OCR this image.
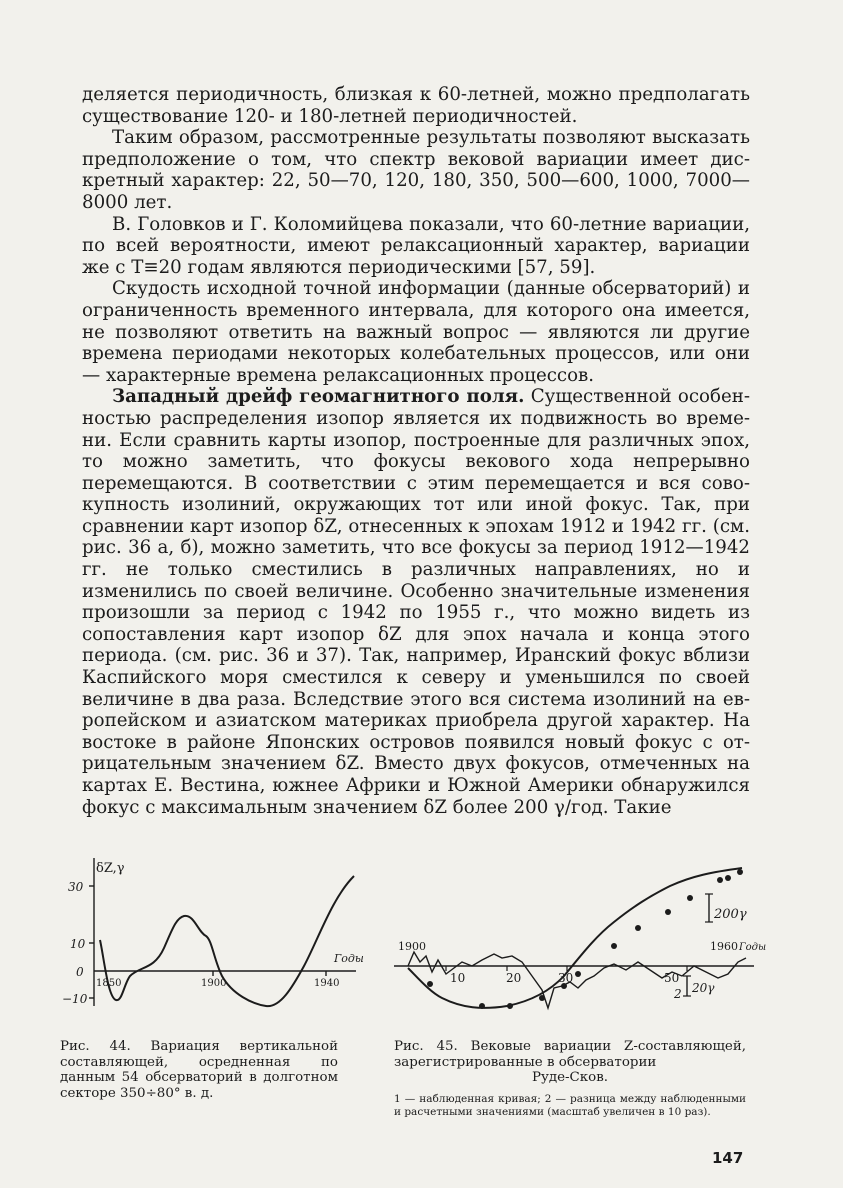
деляется периодичность, близкая к 60-летней, можно предполагать существование 120- и 180-летней периодичностей.

Таким образом, рассмотренные результаты позволяют высказать предположение о том, что спектр вековой вариации имеет дискретный характер: 22, 50—70, 120, 180, 350, 500—600, 1000, 7000—8000 лет.

В. Головков и Г. Коломийцева показали, что 60-летние вариации, по всей вероятности, имеют релаксационный характер, вариации же с T≡20 годам являются периодическими [57, 59].

Скудость исходной точной информации (данные обсерваторий) и ограниченность временного интервала, для которого она имеется, не позволяют ответить на важный вопрос — являются ли другие времена периодами некоторых колебательных процессов, или они — характерные времена релаксационных процессов.

Западный дрейф геомагнитного поля. Существенной особенностью распределения изопор является их подвижность во времени. Если сравнить карты изопор, построенные для различных эпох, то можно заметить, что фокусы векового хода непрерывно перемещаются. В соответствии с этим перемещается и вся совокупность изолиний, окружающих тот или иной фокус. Так, при сравнении карт изопор δZ, отнесенных к эпохам 1912 и 1942 гг. (см. рис. 36 а, б), можно заметить, что все фокусы за период 1912—1942 гг. не только сместились в различных направлениях, но и изменились по своей величине. Особенно значительные изменения произошли за период с 1942 по 1955 г., что можно видеть из сопоставления карт изопор δZ для эпох начала и конца этого периода. (см. рис. 36 и 37). Так, например, Иранский фокус вблизи Каспийского моря сместился к северу и уменьшился по своей величине в два раза. Вследствие этого вся система изолиний на европейском и азиатском материках приобрела другой характер. На востоке в районе Японских островов появился новый фокус с отрицательным значением δZ. Вместо двух фокусов, отмеченных на картах Е. Вестина, южнее Африки и Южной Америки обнаружился фокус с максимальным значением δZ более 200 γ/год. Такие

δZ,γ
30
10
0
−10
1850	1900	1940
Годы
Рис. 44. Вариация вертикальной составляющей, осредненная по данным 54 обсерваторий в долготном секторе 350÷80° в. д.
1900	1960 Годы
10	20	30	50
200γ
20γ
2
Рис. 45. Вековые вариации Z-составляющей, зарегистрированные в обсерватории
Руде-Сков.
1 — наблюденная кривая; 2 — разница между наблюденными и расчетными значениями (масштаб увеличен в 10 раз).
147
